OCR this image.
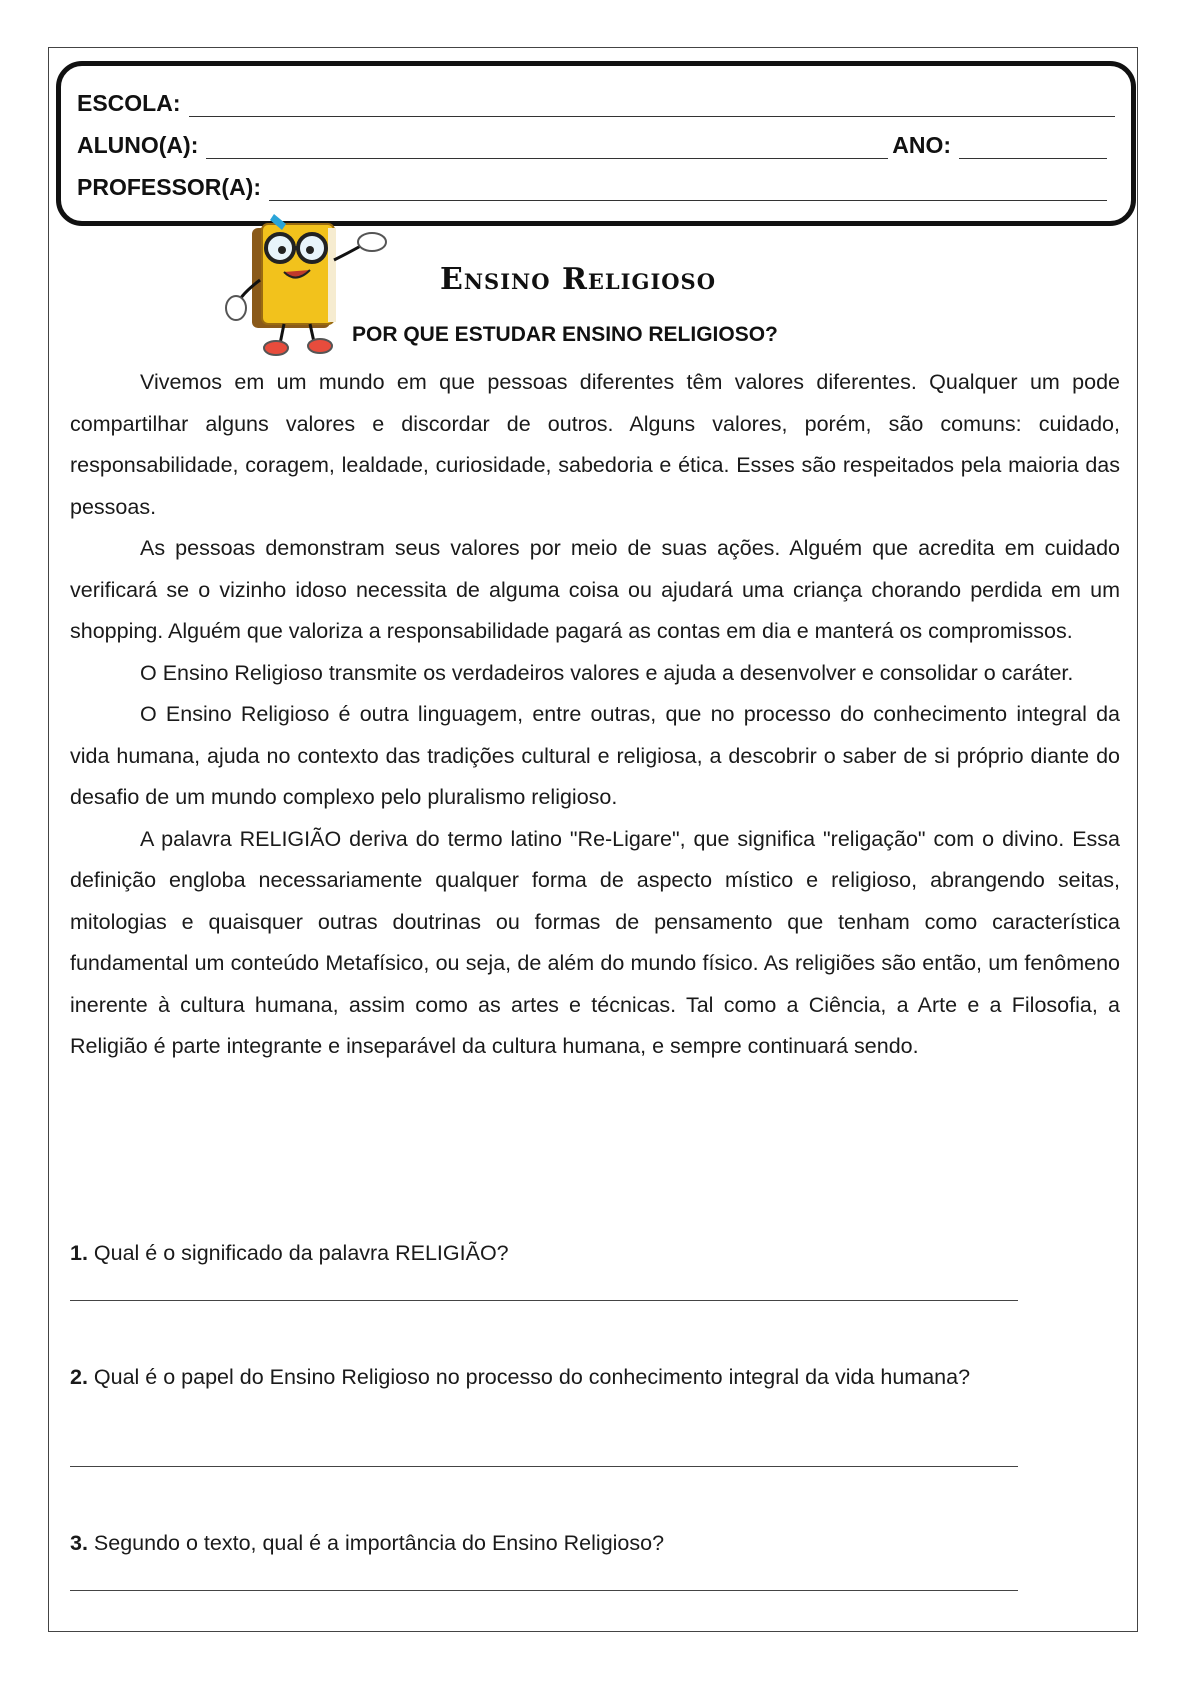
ESCOLA:
ALUNO(A):	ANO:
PROFESSOR(A):
Ensino Religioso
POR QUE ESTUDAR ENSINO RELIGIOSO?

Vivemos em um mundo em que pessoas diferentes têm valores diferentes. Qualquer um pode compartilhar alguns valores e discordar de outros. Alguns valores, porém, são comuns: cuidado, responsabilidade, coragem, lealdade, curiosidade, sabedoria e ética. Esses são respeitados pela maioria das pessoas.

As pessoas demonstram seus valores por meio de suas ações. Alguém que acredita em cuidado verificará se o vizinho idoso necessita de alguma coisa ou ajudará uma criança chorando perdida em um shopping. Alguém que valoriza a responsabilidade pagará as contas em dia e manterá os compromissos.

O Ensino Religioso transmite os verdadeiros valores e ajuda a desenvolver e consolidar o caráter.

O Ensino Religioso é outra linguagem, entre outras, que no processo do conhecimento integral da vida humana, ajuda no contexto das tradições cultural e religiosa, a descobrir o saber de si próprio diante do desafio de um mundo complexo pelo pluralismo religioso.

A palavra RELIGIÃO deriva do termo latino "Re-Ligare", que significa "religação" com o divino. Essa definição engloba necessariamente qualquer forma de aspecto místico e religioso, abrangendo seitas, mitologias e quaisquer outras doutrinas ou formas de pensamento que tenham como característica fundamental um conteúdo Metafísico, ou seja, de além do mundo físico. As religiões são então, um fenômeno inerente à cultura humana, assim como as artes e técnicas. Tal como a Ciência, a Arte e a Filosofia, a Religião é parte integrante e inseparável da cultura humana, e sempre continuará sendo.

1. Qual é o significado da palavra RELIGIÃO?
2. Qual é o papel do Ensino Religioso no processo do conhecimento integral da vida humana?
3. Segundo o texto, qual é a importância do Ensino Religioso?
